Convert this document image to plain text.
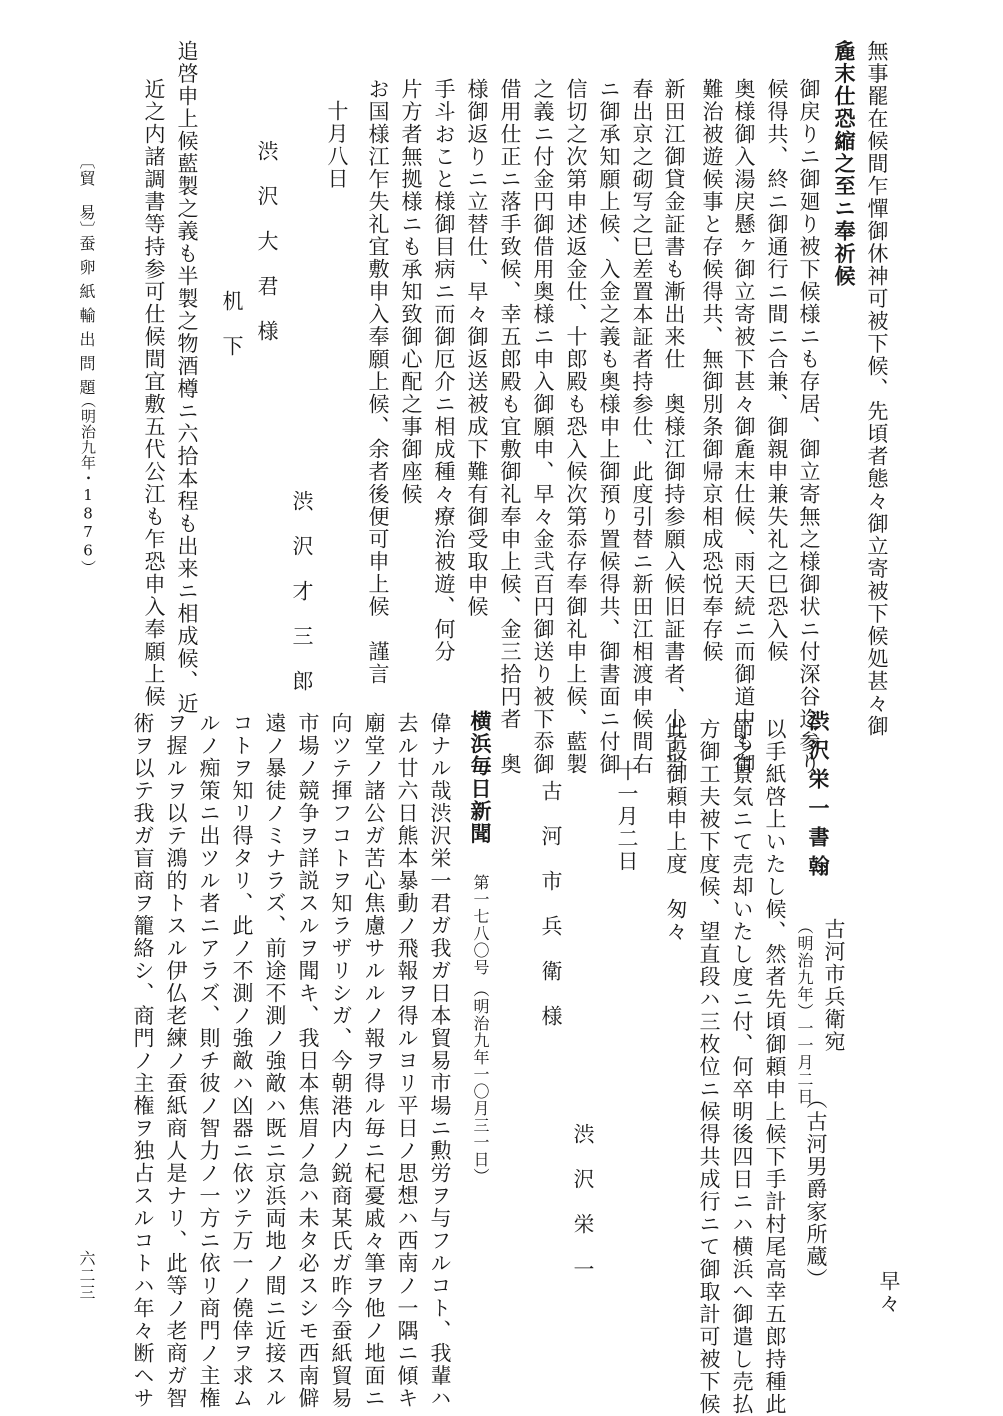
無事罷在候間乍憚御休神可被下候、先頃者態々御立寄被下候処甚々御
麁末仕恐縮之至ニ奉祈候
御戻りニ御廻り被下候様ニも存居、御立寄無之様御状ニ付深谷迄参り
候得共、終ニ御通行ニ間ニ合兼、御親申兼失礼之巳恐入候
奥様御入湯戻懸ヶ御立寄被下甚々御麁末仕候、雨天続ニ而御道中も御
難治被遊候事と存候得共、無御別条御帰京相成恐悦奉存候
新田江御貸金証書も漸出来仕　奥様江御持参願入候旧証書者、小子当
春出京之砌写之巳差置本証者持参仕、此度引替ニ新田江相渡申候間右
ニ御承知願上候、入金之義も奥様申上御預り置候得共、御書面ニ付御
信切之次第申述返金仕、十郎殿も恐入候次第忝存奉御礼申上候、藍製
之義ニ付金円御借用奥様ニ申入御願申、早々金弐百円御送り被下忝御
借用仕正ニ落手致候、幸五郎殿も宜敷御礼奉申上候、金三拾円者　奥
様御返りニ立替仕、早々御返送被成下難有御受取申候
手斗おこと様御目病ニ而御厄介ニ相成種々療治被遊、何分
片方者無拠様ニも承知致御心配之事御座候
お国様江乍失礼宜敷申入奉願上候、余者後便可申上候　謹言
十月八日
渋　沢　才　三　郎
渋　沢　大　君　様
机　下
追啓申上候藍製之義も半製之物酒樽ニ六拾本程も出来ニ相成候、近
近之内諸調書等持参可仕候間宜敷五代公江も乍恐申入奉願上候
〔貿　易〕
蚕卵紙輸出問題
（明治九年・1876）
早々
渋沢栄一書翰
古河市兵衛宛
（明治九年）一一月二日
（古河男爵家所蔵）
以手紙啓上いたし候、然者先頃御頼申上候下手計村尾高幸五郎持種此
節之景気ニて売却いたし度ニ付、何卒明後四日ニハ横浜へ御遣し売払
方御工夫被下度候、望直段ハ三枚位ニ候得共成行ニて御取計可被下候
此段御頼申上度　匆々
十一月二日
渋　沢　栄　一
古　河　市　兵　衛　様
横浜毎日新聞
第一七八〇号
（明治九年一〇月三一日）
偉ナル哉渋沢栄一君ガ我ガ日本貿易市場ニ勲労ヲ与フルコト、我輩ハ
去ル廿六日熊本暴動ノ飛報ヲ得ルヨリ平日ノ思想ハ西南ノ一隅ニ傾キ
廟堂ノ諸公ガ苦心焦慮サルルノ報ヲ得ル毎ニ杞憂戚々筆ヲ他ノ地面ニ
向ツテ揮フコトヲ知ラザリシガ、今朝港内ノ鋭商某氏ガ昨今蚕紙貿易
市場ノ競争ヲ詳説スルヲ聞キ、我日本焦眉ノ急ハ未タ必スシモ西南僻
遠ノ暴徒ノミナラズ、前途不測ノ強敵ハ既ニ京浜両地ノ間ニ近接スル
コトヲ知リ得タリ、此ノ不測ノ強敵ハ凶器ニ依ツテ万一ノ僥倖ヲ求ム
ルノ痴策ニ出ツル者ニアラズ、則チ彼ノ智力ノ一方ニ依リ商門ノ主権
ヲ握ルヲ以テ鴻的トスル伊仏老練ノ蚕紙商人是ナリ、此等ノ老商ガ智
術ヲ以テ我ガ盲商ヲ籠絡シ、商門ノ主権ヲ独占スルコトハ年々断ヘサ
六二三
